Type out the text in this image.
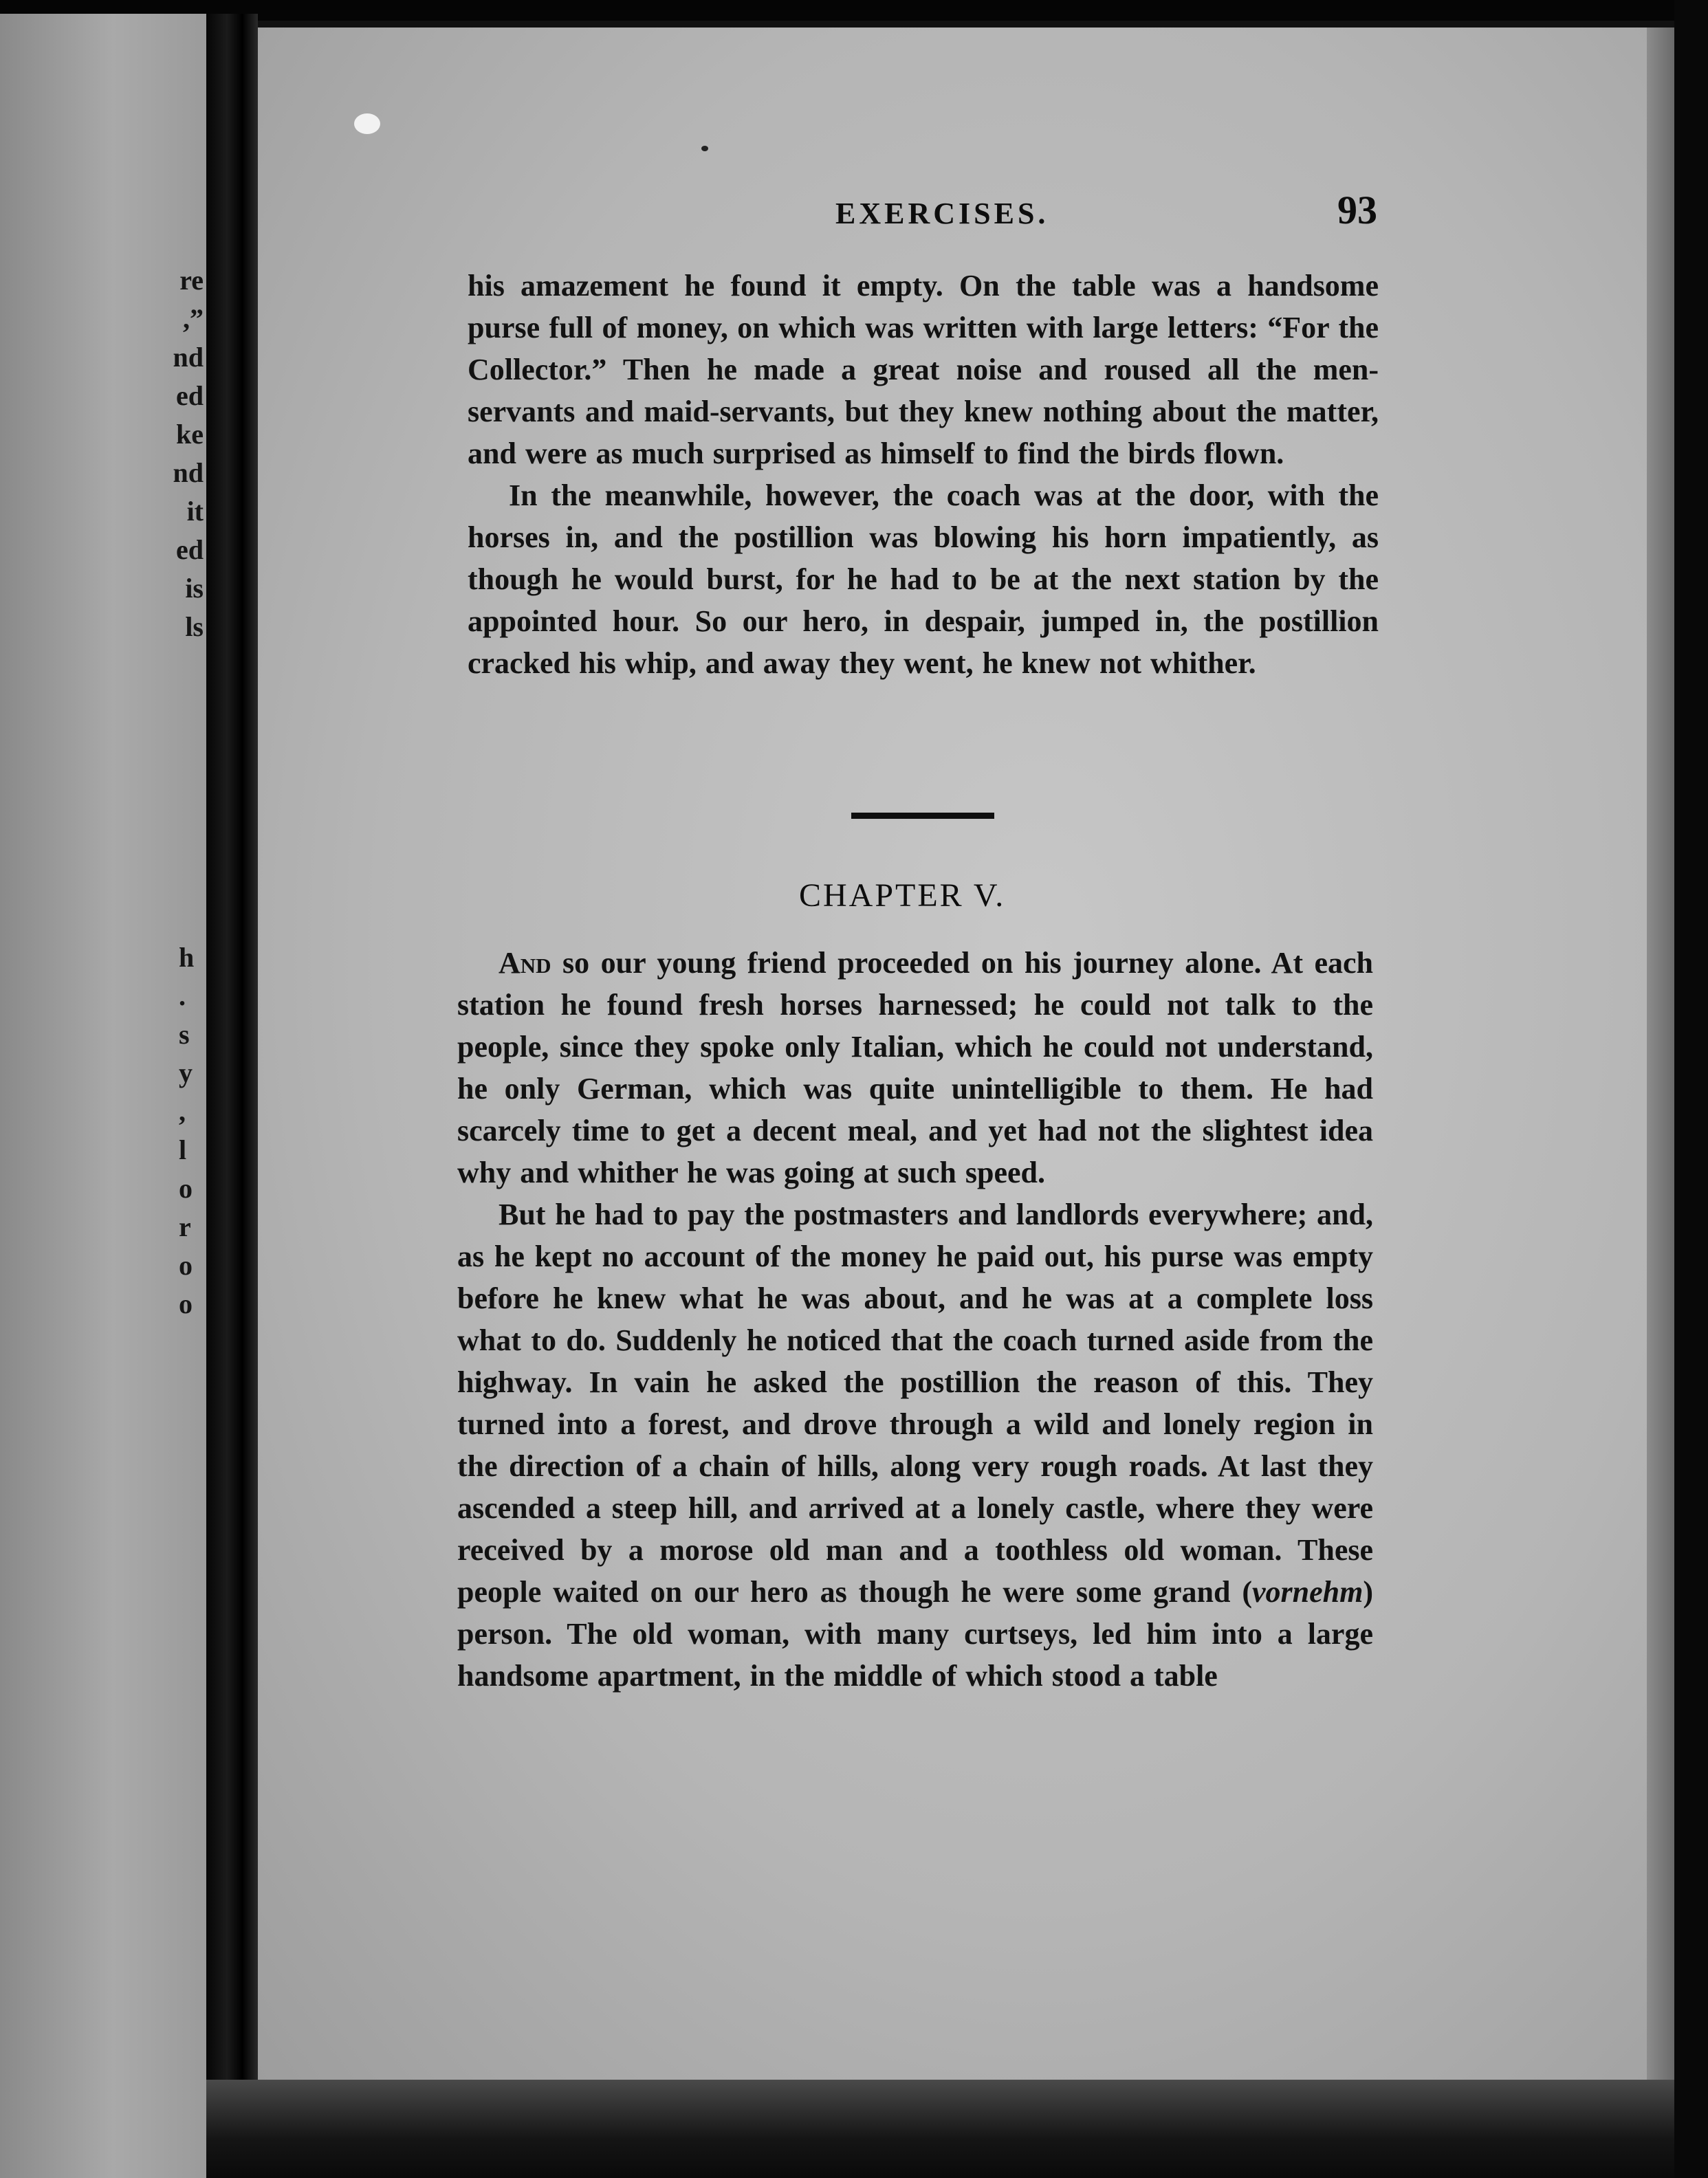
re
,”
nd
ed
ke
nd
it
ed
is
ls
h
.
s
y
,
l
o
r
o
o
EXERCISES.	93

his amazement he found it empty. On the table was a handsome purse full of money, on which was written with large letters: “For the Collector.” Then he made a great noise and roused all the men-servants and maid-servants, but they knew nothing about the matter, and were as much surprised as himself to find the birds flown.

In the meanwhile, however, the coach was at the door, with the horses in, and the postillion was blowing his horn impatiently, as though he would burst, for he had to be at the next station by the appointed hour. So our hero, in despair, jumped in, the postillion cracked his whip, and away they went, he knew not whither.

CHAPTER V.

And so our young friend proceeded on his journey alone. At each station he found fresh horses harnessed; he could not talk to the people, since they spoke only Italian, which he could not understand, he only German, which was quite unintelligible to them. He had scarcely time to get a decent meal, and yet had not the slightest idea why and whither he was going at such speed.

But he had to pay the postmasters and landlords everywhere; and, as he kept no account of the money he paid out, his purse was empty before he knew what he was about, and he was at a complete loss what to do. Suddenly he noticed that the coach turned aside from the highway. In vain he asked the postillion the reason of this. They turned into a forest, and drove through a wild and lonely region in the direction of a chain of hills, along very rough roads. At last they ascended a steep hill, and arrived at a lonely castle, where they were received by a morose old man and a toothless old woman. These people waited on our hero as though he were some grand (vornehm) person. The old woman, with many curtseys, led him into a large handsome apartment, in the middle of which stood a table
